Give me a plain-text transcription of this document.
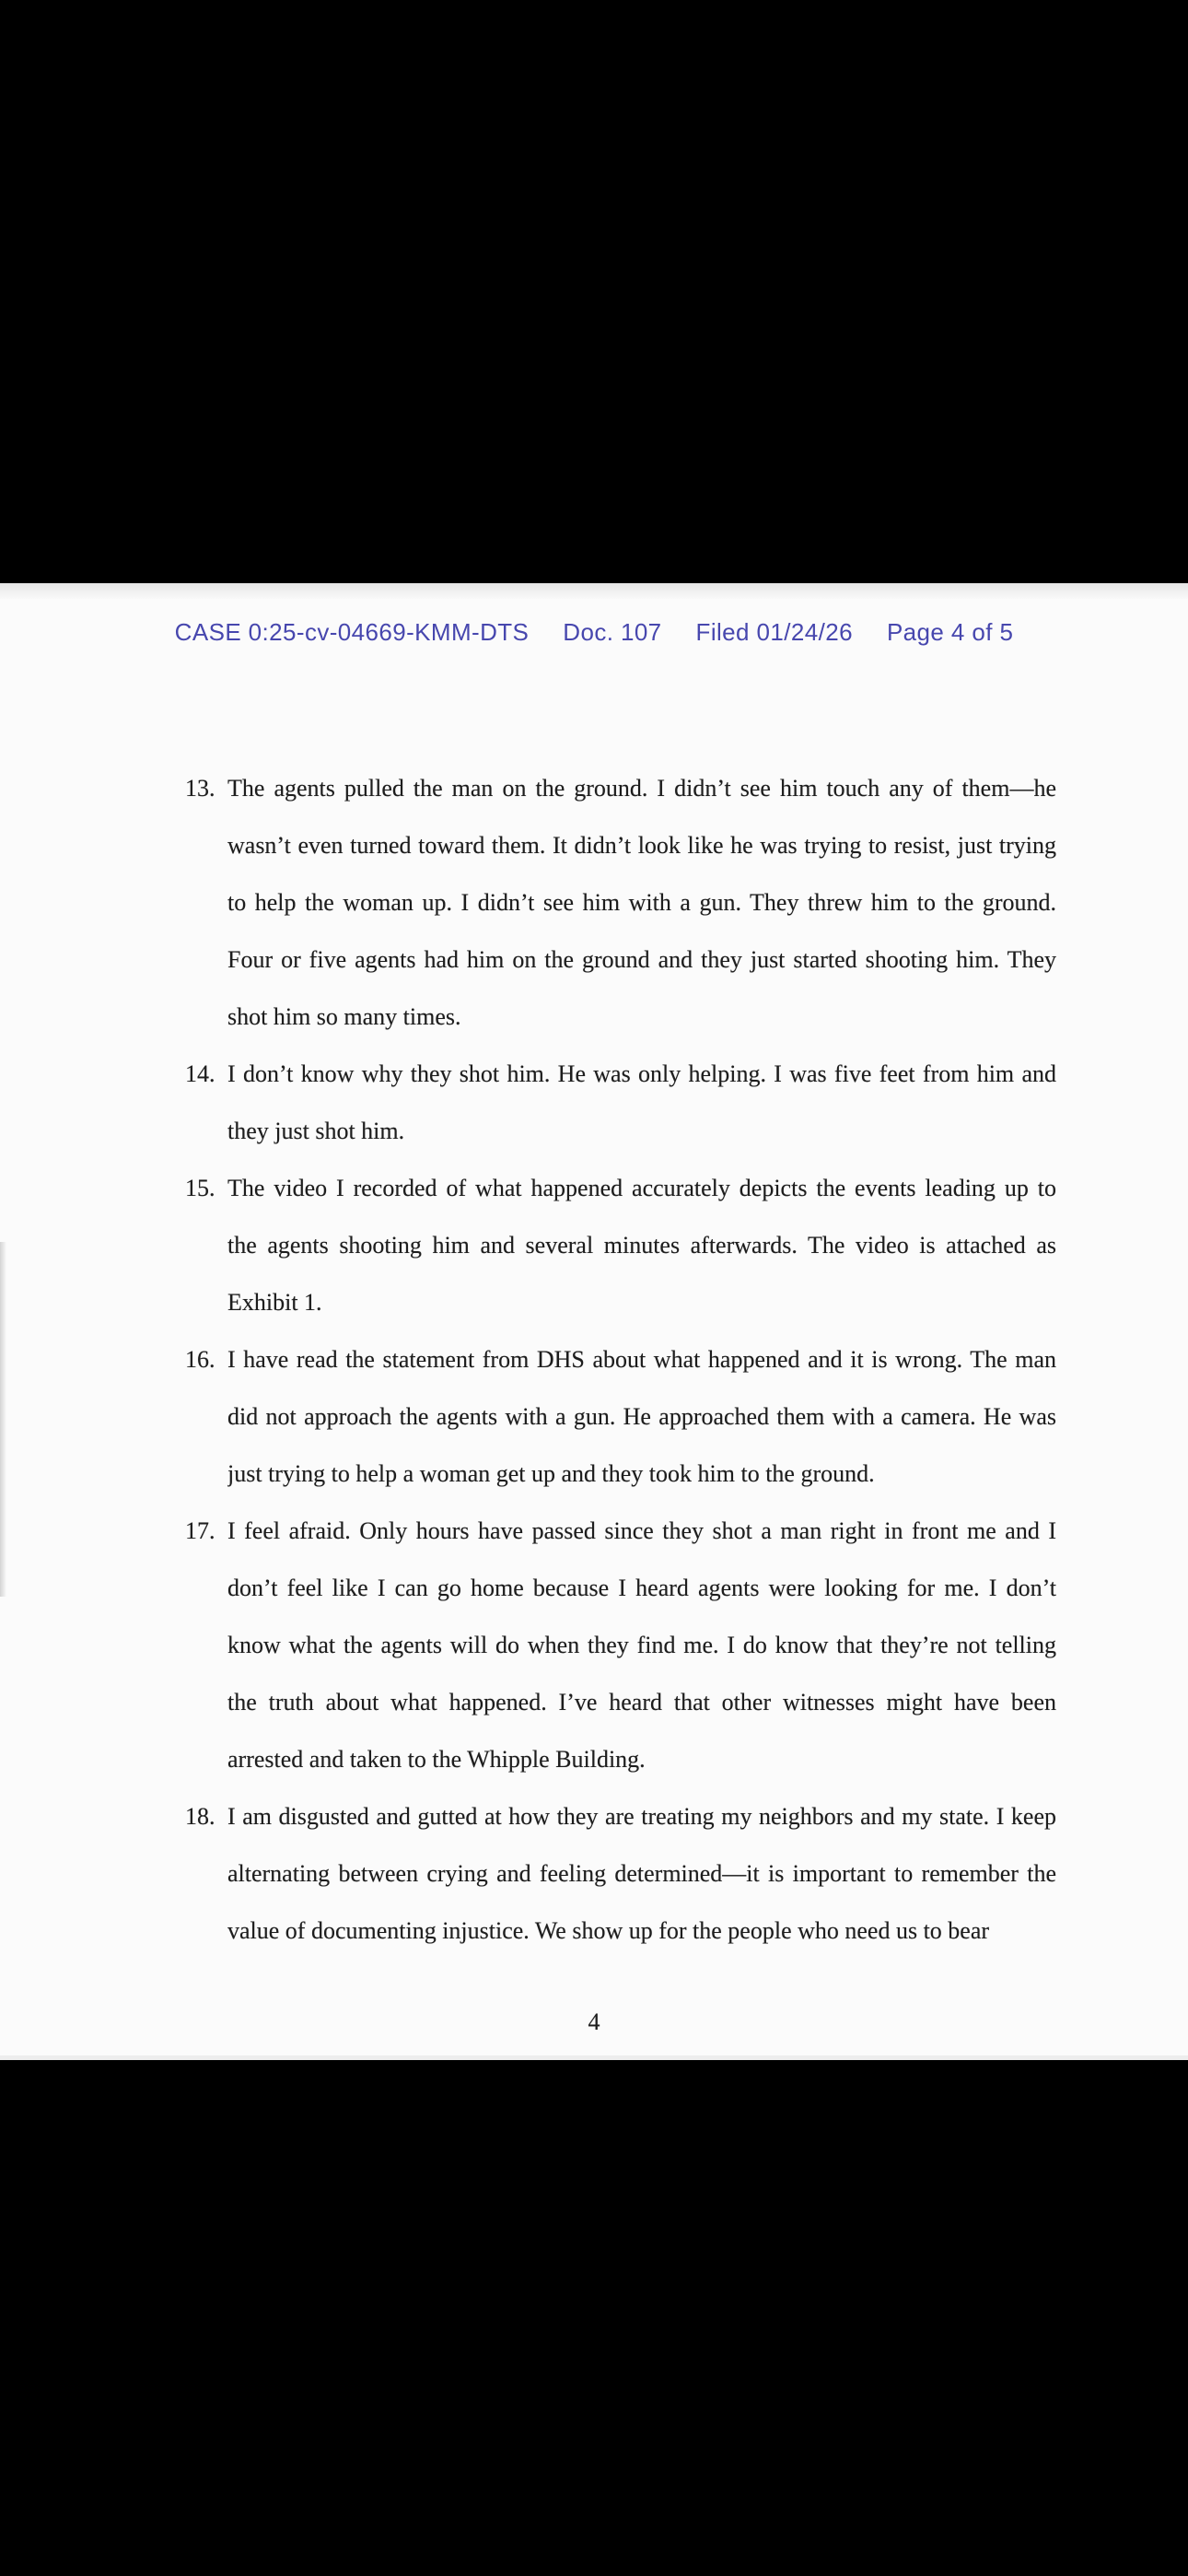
CASE 0:25-cv-04669-KMM-DTS Doc. 107 Filed 01/24/26 Page 4 of 5
13. The agents pulled the man on the ground. I didn’t see him touch any of them—he
wasn’t even turned toward them. It didn’t look like he was trying to resist, just trying
to help the woman up. I didn’t see him with a gun. They threw him to the ground.
Four or five agents had him on the ground and they just started shooting him. They
shot him so many times.
14. I don’t know why they shot him. He was only helping. I was five feet from him and
they just shot him.
15. The video I recorded of what happened accurately depicts the events leading up to
the agents shooting him and several minutes afterwards. The video is attached as
Exhibit 1.
16. I have read the statement from DHS about what happened and it is wrong. The man
did not approach the agents with a gun. He approached them with a camera. He was
just trying to help a woman get up and they took him to the ground.
17. I feel afraid. Only hours have passed since they shot a man right in front me and I
don’t feel like I can go home because I heard agents were looking for me. I don’t
know what the agents will do when they find me. I do know that they’re not telling
the truth about what happened. I’ve heard that other witnesses might have been
arrested and taken to the Whipple Building.
18. I am disgusted and gutted at how they are treating my neighbors and my state. I keep
alternating between crying and feeling determined—it is important to remember the
value of documenting injustice. We show up for the people who need us to bear
4
